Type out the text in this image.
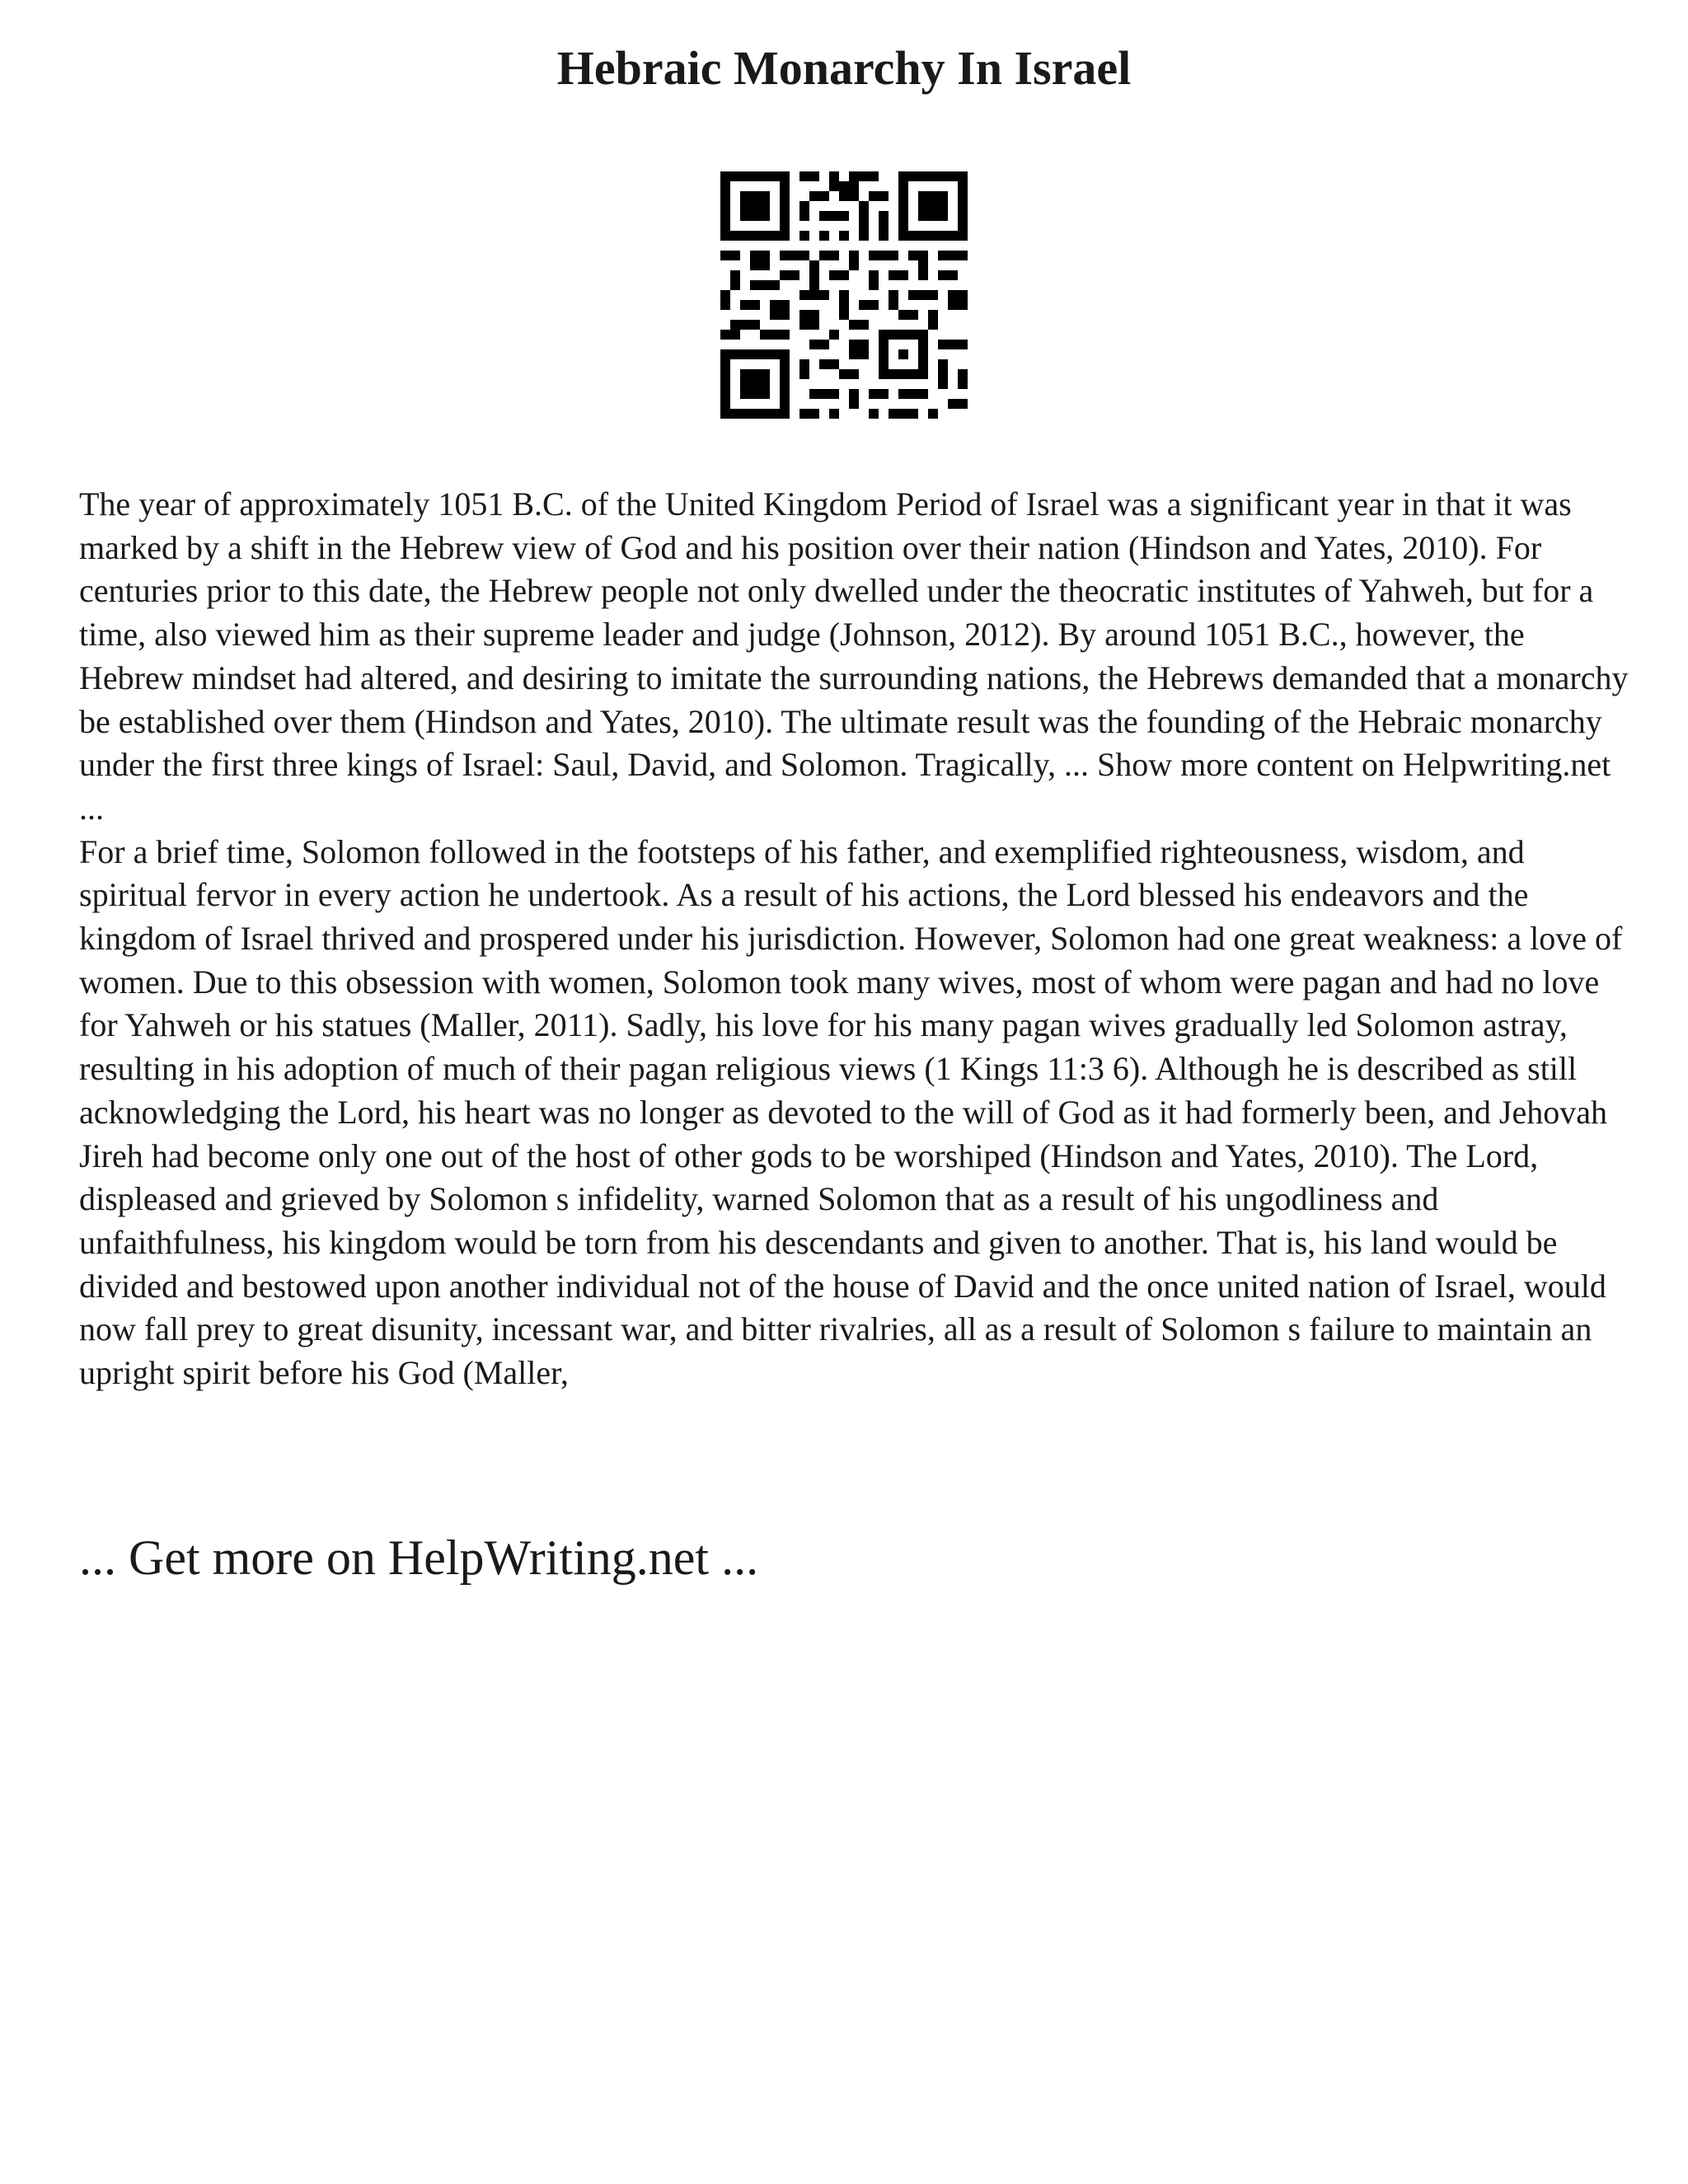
Hebraic Monarchy In Israel

The year of approximately 1051 B.C. of the United Kingdom Period of Israel was a significant year in that it was marked by a shift in the Hebrew view of God and his position over their nation (Hindson and Yates, 2010). For centuries prior to this date, the Hebrew people not only dwelled under the theocratic institutes of Yahweh, but for a time, also viewed him as their supreme leader and judge (Johnson, 2012). By around 1051 B.C., however, the Hebrew mindset had altered, and desiring to imitate the surrounding nations, the Hebrews demanded that a monarchy be established over them (Hindson and Yates, 2010). The ultimate result was the founding of the Hebraic monarchy under the first three kings of Israel: Saul, David, and Solomon. Tragically, ... Show more content on Helpwriting.net ...

For a brief time, Solomon followed in the footsteps of his father, and exemplified righteousness, wisdom, and spiritual fervor in every action he undertook. As a result of his actions, the Lord blessed his endeavors and the kingdom of Israel thrived and prospered under his jurisdiction. However, Solomon had one great weakness: a love of women. Due to this obsession with women, Solomon took many wives, most of whom were pagan and had no love for Yahweh or his statues (Maller, 2011). Sadly, his love for his many pagan wives gradually led Solomon astray, resulting in his adoption of much of their pagan religious views (1 Kings 11:3 6). Although he is described as still acknowledging the Lord, his heart was no longer as devoted to the will of God as it had formerly been, and Jehovah Jireh had become only one out of the host of other gods to be worshiped (Hindson and Yates, 2010). The Lord, displeased and grieved by Solomon s infidelity, warned Solomon that as a result of his ungodliness and unfaithfulness, his kingdom would be torn from his descendants and given to another. That is, his land would be divided and bestowed upon another individual not of the house of David and the once united nation of Israel, would now fall prey to great disunity, incessant war, and bitter rivalries, all as a result of Solomon s failure to maintain an upright spirit before his God (Maller,

... Get more on HelpWriting.net ...
